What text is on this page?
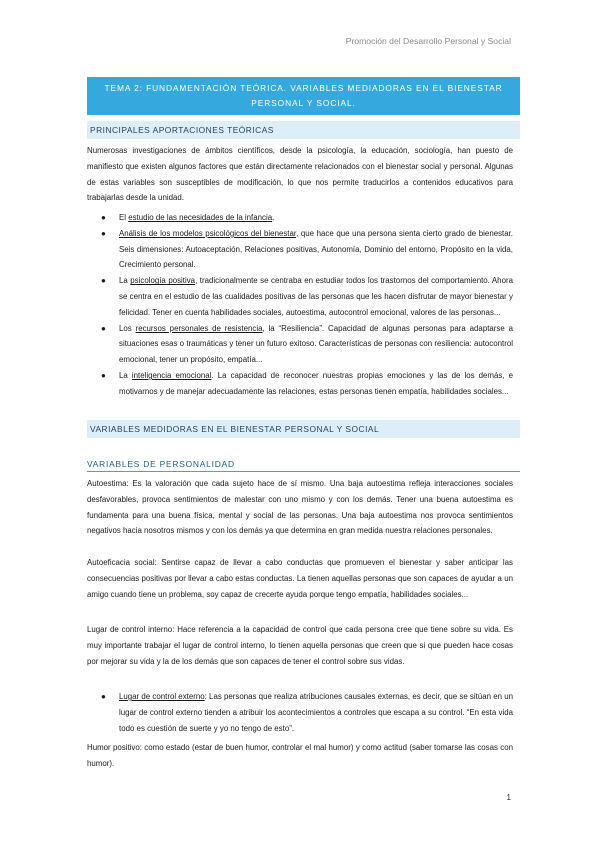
Promoción del Desarrollo Personal y Social
TEMA 2: FUNDAMENTACIÓN TEÓRICA. VARIABLES MEDIADORAS EN EL BIENESTAR
PERSONAL Y SOCIAL.
PRINCIPALES APORTACIONES TEÓRICAS

Numerosas investigaciones de ámbitos científicos, desde la psicología, la educación, sociología, han puesto de manifiesto que existen algunos factores que están directamente relacionados con el bienestar social y personal. Algunas de estas variables son susceptibles de modificación, lo que nos permite traducirlos a contenidos educativos para trabajarlas desde la unidad.

● El estudio de las necesidades de la infancia.
● Análisis de los modelos psicológicos del bienestar, que hace que una persona sienta cierto grado de bienestar. Seis dimensiones: Autoaceptación, Relaciones positivas, Autonomía, Dominio del entorno, Propósito en la vida, Crecimiento personal.
● La psicología positiva, tradicionalmente se centraba en estudiar todos los trastornos del comportamiento. Ahora se centra en el estudio de las cualidades positivas de las personas que les hacen disfrutar de mayor bienestar y felicidad. Tener en cuenta habilidades sociales, autoestima, autocontrol emocional, valores de las personas...
● Los recursos personales de resistencia, la “Resiliencia”. Capacidad de algunas personas para adaptarse a situaciones esas o traumáticas y tener un futuro exitoso. Características de personas con resiliencia: autocontrol emocional, tener un propósito, empatía...
● La inteligencia emocional. La capacidad de reconocer nuestras propias emociones y las de los demás, e motivarnos y de manejar adecuadamente las relaciones, estas personas tienen empatía, habilidades sociales...
VARIABLES MEDIDORAS EN EL BIENESTAR PERSONAL Y SOCIAL
VARIABLES DE PERSONALIDAD

Autoestima: Es la valoración que cada sujeto hace de sí mismo. Una baja autoestima refleja interacciones sociales desfavorables, provoca sentimientos de malestar con uno mismo y con los demás. Tener una buena autoestima es fundamenta para una buena física, mental y social de las personas. Una baja autoestima nos provoca sentimientos negativos hacia nosotros mismos y con los demás ya que determina en gran medida nuestra relaciones personales.

Autoeficacia social: Sentirse capaz de llevar a cabo conductas que promueven el bienestar y saber anticipar las consecuencias positivas por llevar a cabo estas conductas. La tienen aquellas personas que son capaces de ayudar a un amigo cuando tiene un problema, soy capaz de crecerte ayuda porque tengo empatía, habilidades sociales...

Lugar de control interno: Hace referencia a la capacidad de control que cada persona cree que tiene sobre su vida. Es muy importante trabajar el lugar de control interno, lo tienen aquella personas que creen que si que pueden hace cosas por mejorar su vida y la de los demás que son capaces de tener el control sobre sus vidas.

● Lugar de control externo: Las personas que realiza atribuciones causales externas, es decir, que se sitúan en un lugar de control externo tienden a atribuir los acontecimientos a controles que escapa a su control. “En esta vida todo es cuestión de suerte y yo no tengo de esto”.

Humor positivo: como estado (estar de buen humor, controlar el mal humor) y como actitud (saber tomarse las cosas con humor).

1
